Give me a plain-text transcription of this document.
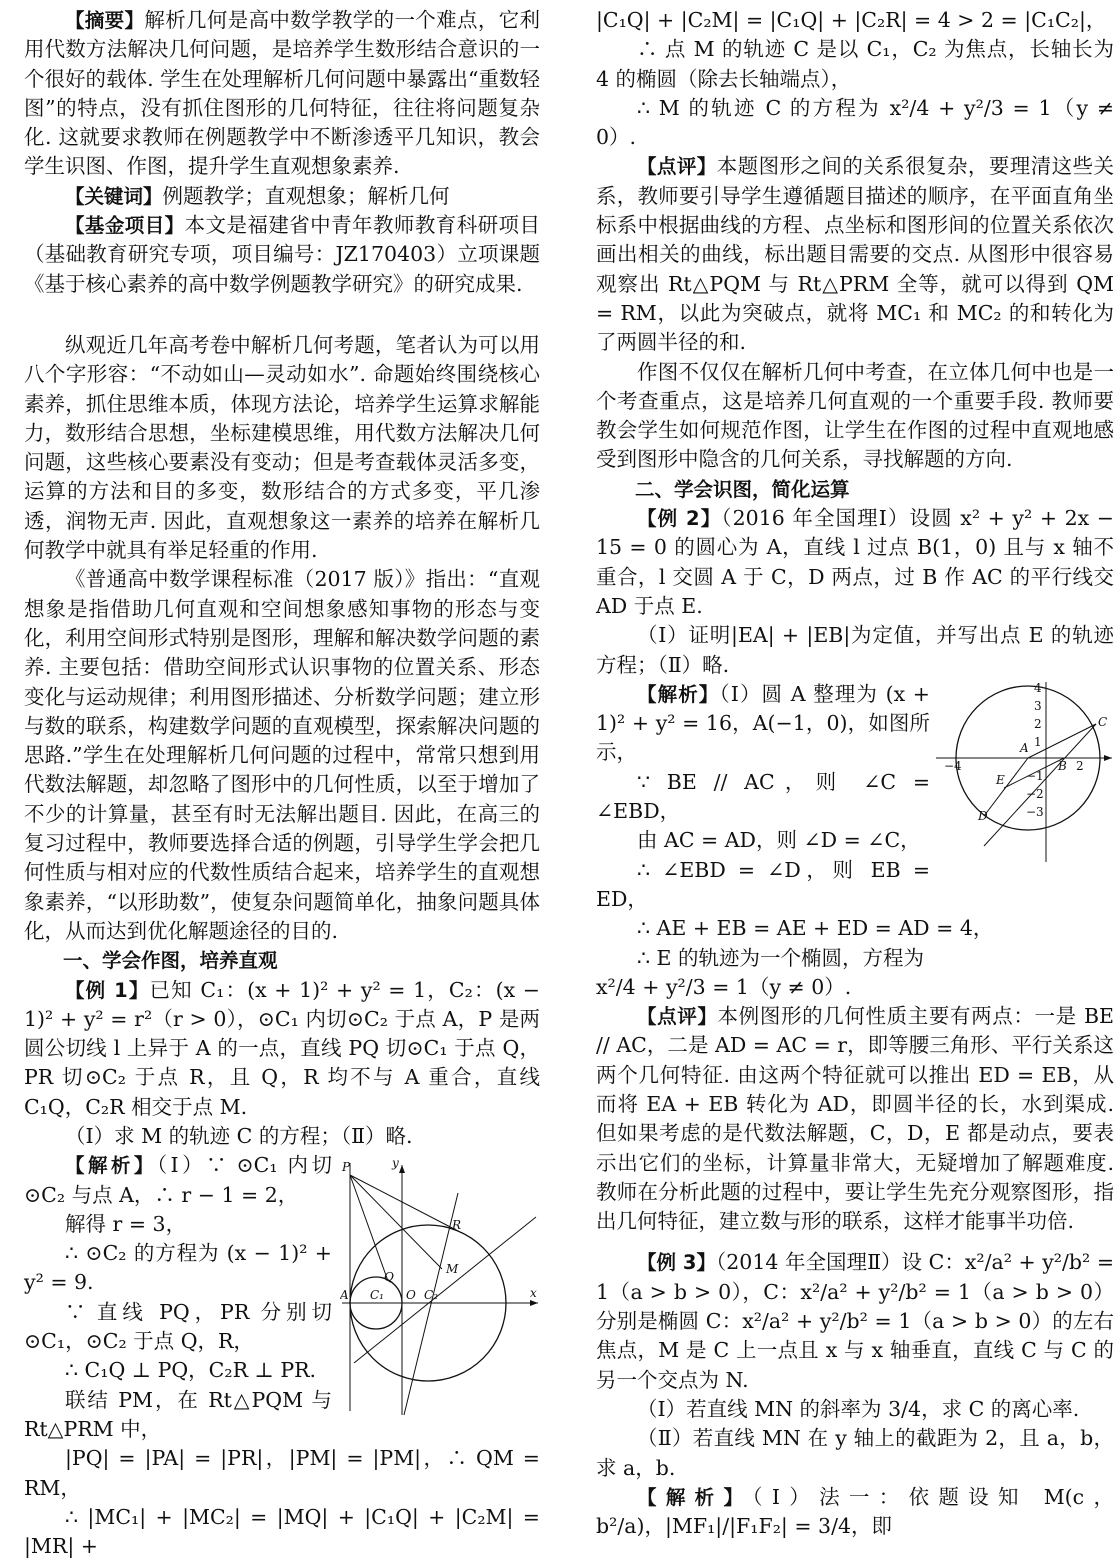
【摘要】解析几何是高中数学教学的一个难点，它利用代数方法解决几何问题，是培养学生数形结合意识的一个很好的载体. 学生在处理解析几何问题中暴露出“重数轻图”的特点，没有抓住图形的几何特征，往往将问题复杂化. 这就要求教师在例题教学中不断渗透平几知识，教会学生识图、作图，提升学生直观想象素养.

【关键词】例题教学；直观想象；解析几何

【基金项目】本文是福建省中青年教师教育科研项目（基础教育研究专项，项目编号：JZ170403）立项课题《基于核心素养的高中数学例题教学研究》的研究成果.

纵观近几年高考卷中解析几何考题，笔者认为可以用八个字形容：“不动如山—灵动如水”. 命题始终围绕核心素养，抓住思维本质，体现方法论，培养学生运算求解能力，数形结合思想，坐标建模思维，用代数方法解决几何问题，这些核心要素没有变动；但是考查载体灵活多变，运算的方法和目的多变，数形结合的方式多变，平几渗透，润物无声. 因此，直观想象这一素养的培养在解析几何教学中就具有举足轻重的作用.

《普通高中数学课程标准（2017 版）》指出：“直观想象是指借助几何直观和空间想象感知事物的形态与变化，利用空间形式特别是图形，理解和解决数学问题的素养. 主要包括：借助空间形式认识事物的位置关系、形态变化与运动规律；利用图形描述、分析数学问题；建立形与数的联系，构建数学问题的直观模型，探索解决问题的思路.”学生在处理解析几何问题的过程中，常常只想到用代数法解题，却忽略了图形中的几何性质，以至于增加了不少的计算量，甚至有时无法解出题目. 因此，在高三的复习过程中，教师要选择合适的例题，引导学生学会把几何性质与相对应的代数性质结合起来，培养学生的直观想象素养，“以形助数”，使复杂问题简单化，抽象问题具体化，从而达到优化解题途径的目的.

一、学会作图，培养直观

【例 1】已知 C₁：(x + 1)² + y² = 1，C₂：(x − 1)² + y² = r²（r > 0），⊙C₁ 内切⊙C₂ 于点 A，P 是两圆公切线 l 上异于 A 的一点，直线 PQ 切⊙C₁ 于点 Q，PR 切⊙C₂ 于点 R，且 Q，R 均不与 A 重合，直线 C₁Q，C₂R 相交于点 M.

（Ⅰ）求 M 的轨迹 C 的方程；（Ⅱ）略.

P	y
R
Q
M
A C₁ O C₂	x

【解析】（Ⅰ）∵ ⊙C₁ 内切⊙C₂ 与点 A，∴ r − 1 = 2，

解得 r = 3，

∴ ⊙C₂ 的方程为 (x − 1)² + y² = 9.

∵ 直线 PQ，PR 分别切⊙C₁，⊙C₂ 于点 Q，R，

∴ C₁Q ⊥ PQ，C₂R ⊥ PR.

联结 PM，在 Rt△PQM 与 Rt△PRM 中，

|PQ| = |PA| = |PR|，|PM| = |PM|，∴ QM = RM，

∴ |MC₁| + |MC₂| = |MQ| + |C₁Q| + |C₂M| = |MR| +

|C₁Q| + |C₂M| = |C₁Q| + |C₂R| = 4 > 2 = |C₁C₂|，

∴ 点 M 的轨迹 C 是以 C₁，C₂ 为焦点，长轴长为 4 的椭圆（除去长轴端点），

∴ M 的轨迹 C 的方程为 x²/4 + y²/3 = 1（y ≠ 0）.

【点评】本题图形之间的关系很复杂，要理清这些关系，教师要引导学生遵循题目描述的顺序，在平面直角坐标系中根据曲线的方程、点坐标和图形间的位置关系依次画出相关的曲线，标出题目需要的交点. 从图形中很容易观察出 Rt△PQM 与 Rt△PRM 全等，就可以得到 QM = RM，以此为突破点，就将 MC₁ 和 MC₂ 的和转化为了两圆半径的和.

作图不仅仅在解析几何中考查，在立体几何中也是一个考查重点，这是培养几何直观的一个重要手段. 教师要教会学生如何规范作图，让学生在作图的过程中直观地感受到图形中隐含的几何关系，寻找解题的方向.

二、学会识图，简化运算

【例 2】（2016 年全国理Ⅰ）设圆 x² + y² + 2x − 15 = 0 的圆心为 A，直线 l 过点 B(1，0) 且与 x 轴不重合，l 交圆 A 于 C，D 两点，过 B 作 AC 的平行线交 AD 于点 E.

（Ⅰ）证明|EA| + |EB|为定值，并写出点 E 的轨迹方程；（Ⅱ）略.

C
A
B
E
D
−4	2
4
3
2
1
−1
−2
−3

【解析】（Ⅰ）圆 A 整理为 (x + 1)² + y² = 16，A(−1，0)，如图所示，

∵ BE // AC，则 ∠C = ∠EBD，

由 AC = AD，则 ∠D = ∠C，

∴ ∠EBD = ∠D，则 EB = ED，

∴ AE + EB = AE + ED = AD = 4，

∴ E 的轨迹为一个椭圆，方程为

x²/4 + y²/3 = 1（y ≠ 0）.

【点评】本例图形的几何性质主要有两点：一是 BE // AC，二是 AD = AC = r，即等腰三角形、平行关系这两个几何特征. 由这两个特征就可以推出 ED = EB，从而将 EA + EB 转化为 AD，即圆半径的长，水到渠成. 但如果考虑的是代数法解题，C，D，E 都是动点，要表示出它们的坐标，计算量非常大，无疑增加了解题难度. 教师在分析此题的过程中，要让学生先充分观察图形，指出几何特征，建立数与形的联系，这样才能事半功倍.

【例 3】（2014 年全国理Ⅱ）设 C：x²/a² + y²/b² = 1（a > b > 0），C：x²/a² + y²/b² = 1（a > b > 0）分别是椭圆 C：x²/a² + y²/b² = 1（a > b > 0）的左右焦点，M 是 C 上一点且 x 与 x 轴垂直，直线 C 与 C 的另一个交点为 N.

（Ⅰ）若直线 MN 的斜率为 3/4，求 C 的离心率.

（Ⅱ）若直线 MN 在 y 轴上的截距为 2，且 a，b，求 a，b.

【解析】（Ⅰ）法一：依题设知 M(c，b²/a)，|MF₁|/|F₁F₂| = 3/4，即
